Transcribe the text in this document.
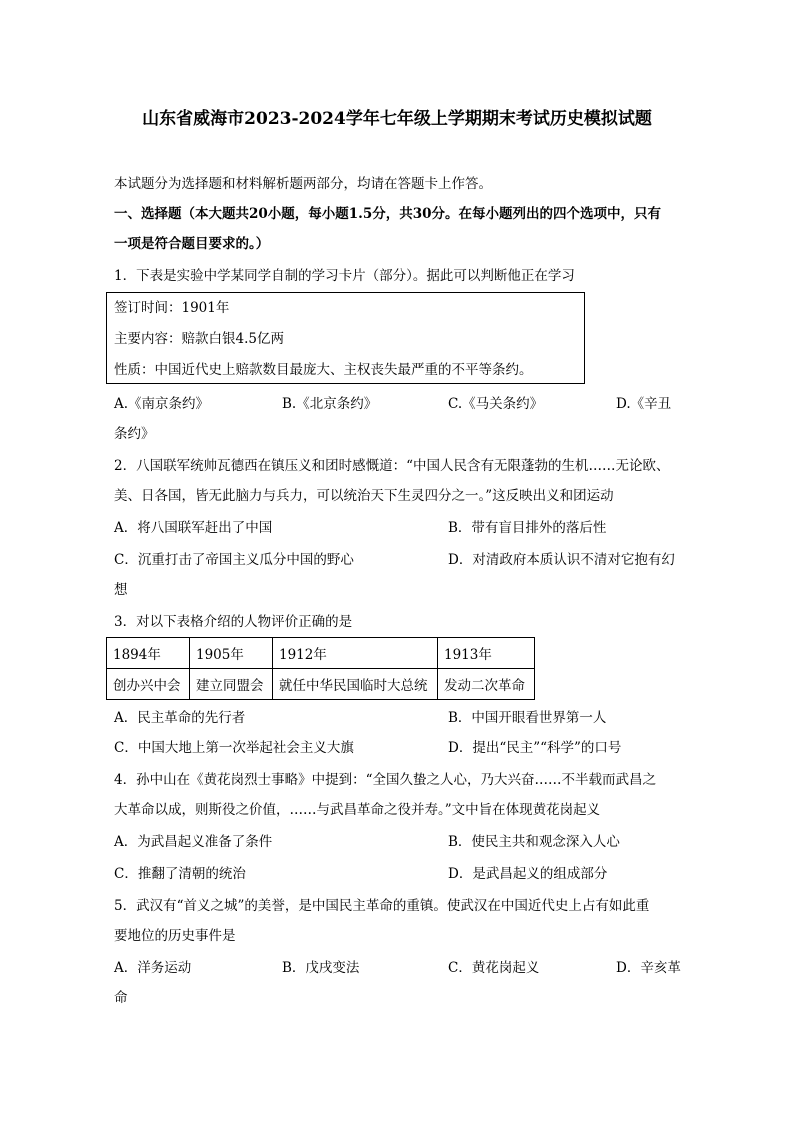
山东省威海市2023-2024学年七年级上学期期末考试历史模拟试题
本试题分为选择题和材料解析题两部分，均请在答题卡上作答。
一、选择题（本大题共20小题，每小题1.5分，共30分。在每小题列出的四个选项中，只有
一项是符合题目要求的。）
1．下表是实验中学某同学自制的学习卡片（部分）。据此可以判断他正在学习
签订时间：1901年
主要内容：赔款白银4.5亿两
性质：中国近代史上赔款数目最庞大、主权丧失最严重的不平等条约。
A.《南京条约》	B.《北京条约》	C.《马关条约》	D.《辛丑
条约》
2．八国联军统帅瓦德西在镇压义和团时感慨道：“中国人民含有无限蓬勃的生机……无论欧、
美、日各国，皆无此脑力与兵力，可以统治天下生灵四分之一。”这反映出义和团运动
A．将八国联军赶出了中国	B．带有盲目排外的落后性
C．沉重打击了帝国主义瓜分中国的野心	D．对清政府本质认识不清对它抱有幻
想
3．对以下表格介绍的人物评价正确的是
1894年	1905年	1912年	1913年
创办兴中会	建立同盟会	就任中华民国临时大总统	发动二次革命
A．民主革命的先行者	B．中国开眼看世界第一人
C．中国大地上第一次举起社会主义大旗	D．提出“民主”“科学”的口号
4．孙中山在《黄花岗烈士事略》中提到：“全国久蛰之人心，乃大兴奋……不半载而武昌之
大革命以成，则斯役之价值，……与武昌革命之役并寿。”文中旨在体现黄花岗起义
A．为武昌起义准备了条件	B．使民主共和观念深入人心
C．推翻了清朝的统治	D．是武昌起义的组成部分
5．武汉有“首义之城”的美誉，是中国民主革命的重镇。使武汉在中国近代史上占有如此重
要地位的历史事件是
A．洋务运动	B．戊戌变法	C．黄花岗起义	D．辛亥革
命
